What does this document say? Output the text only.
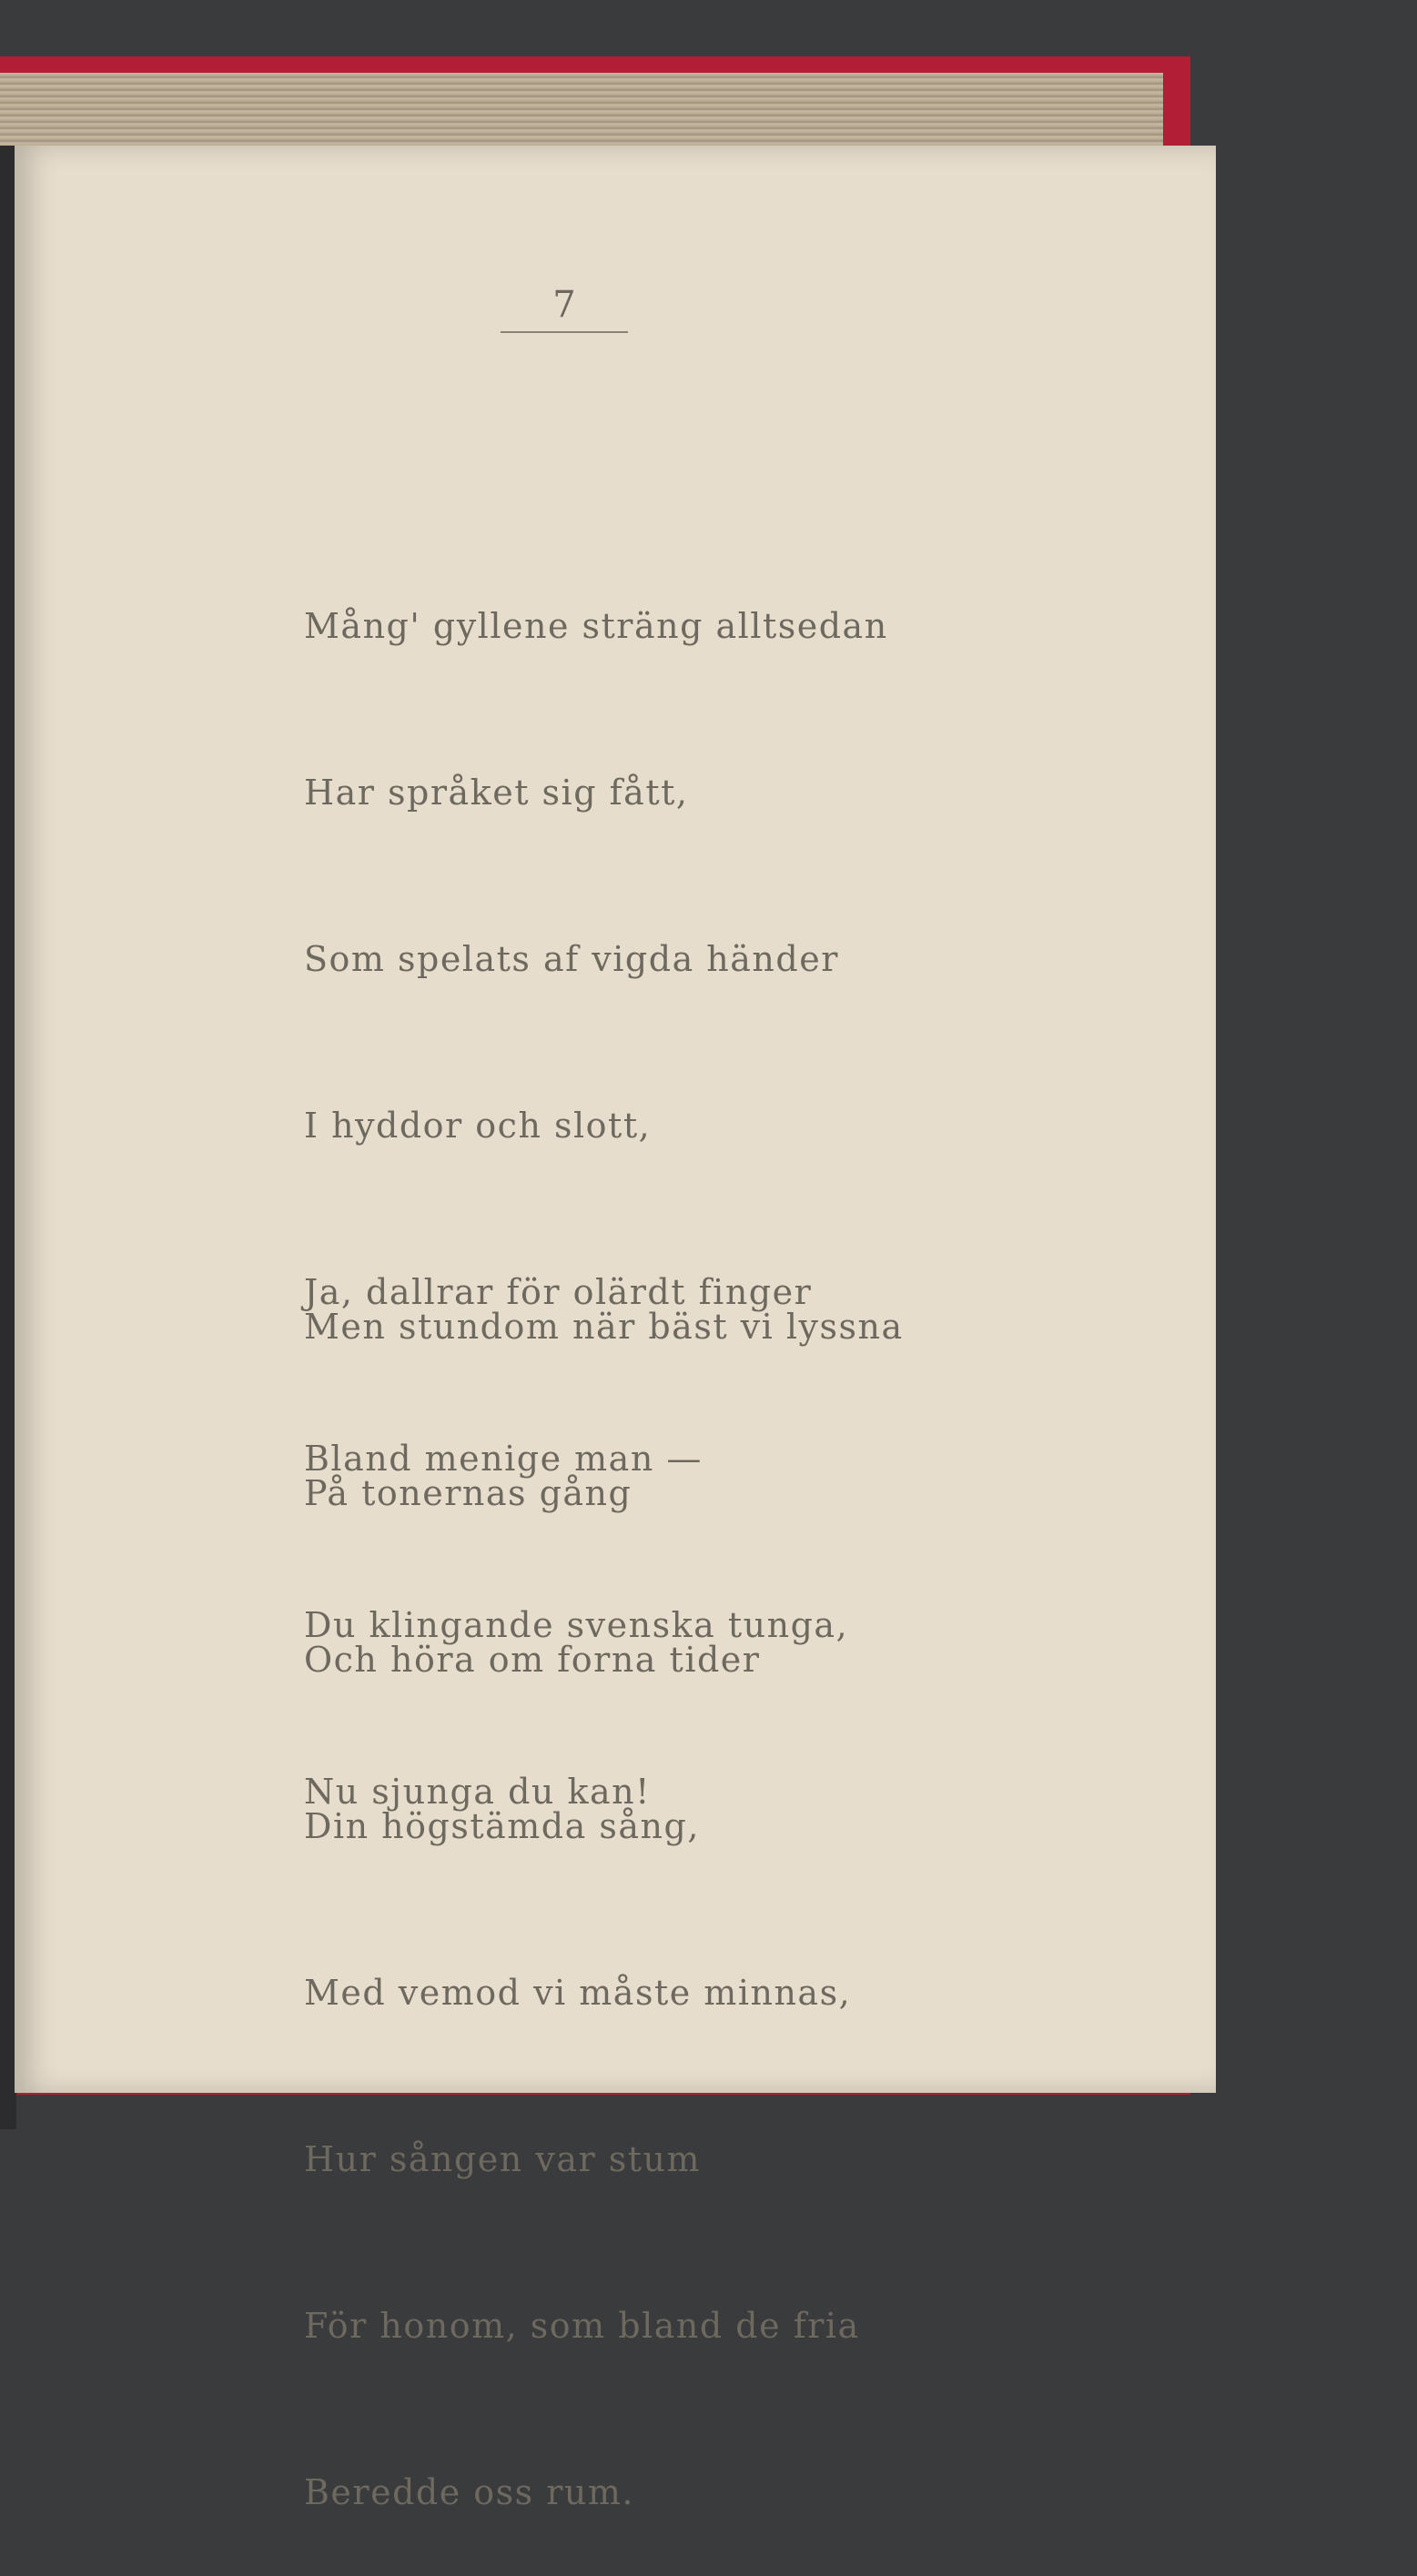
7

Mång' gyllene sträng alltsedan

Har språket sig fått,

Som spelats af vigda händer

I hyddor och slott,

Ja, dallrar för olärdt finger

Bland menige man —

Du klingande svenska tunga,

Nu sjunga du kan!

Men stundom när bäst vi lyssna

På tonernas gång

Och höra om forna tider

Din högstämda sång,

Med vemod vi måste minnas,

Hur sången var stum

För honom, som bland de fria

Beredde oss rum.
